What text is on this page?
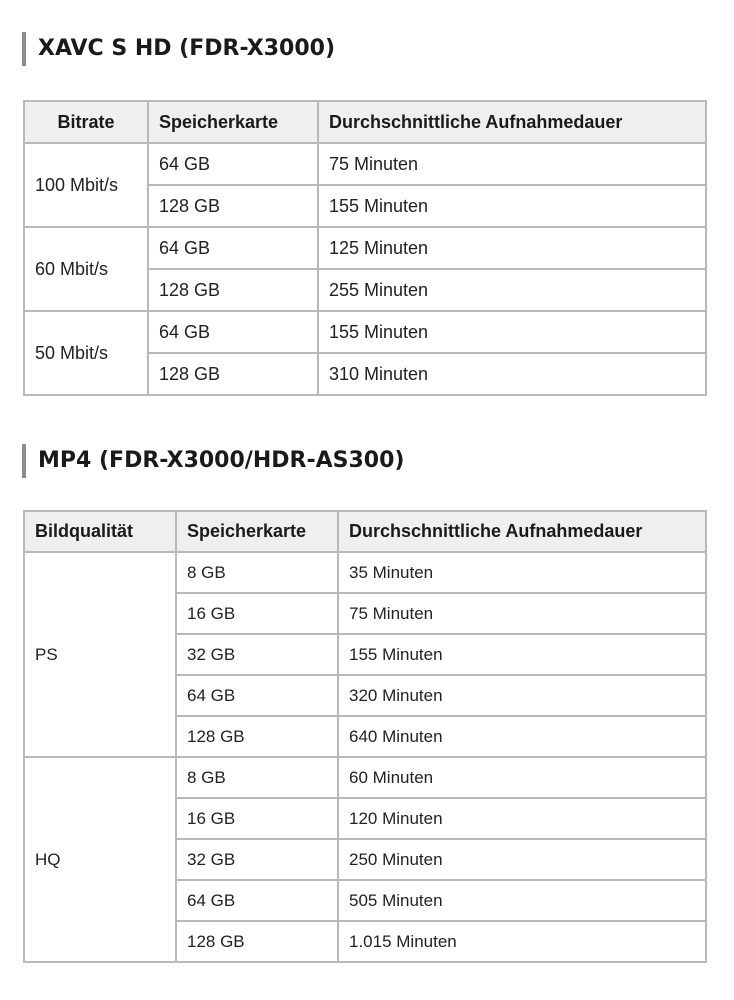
XAVC S HD (FDR-X3000)
Bitrate	Speicherkarte	Durchschnittliche Aufnahmedauer
100 Mbit/s	64 GB	75 Minuten
	128 GB	155 Minuten
60 Mbit/s	64 GB	125 Minuten
	128 GB	255 Minuten
50 Mbit/s	64 GB	155 Minuten
	128 GB	310 Minuten
MP4 (FDR-X3000/HDR-AS300)
Bildqualität	Speicherkarte	Durchschnittliche Aufnahmedauer
PS	8 GB	35 Minuten
	16 GB	75 Minuten
	32 GB	155 Minuten
	64 GB	320 Minuten
	128 GB	640 Minuten
HQ	8 GB	60 Minuten
	16 GB	120 Minuten
	32 GB	250 Minuten
	64 GB	505 Minuten
	128 GB	1.015 Minuten
